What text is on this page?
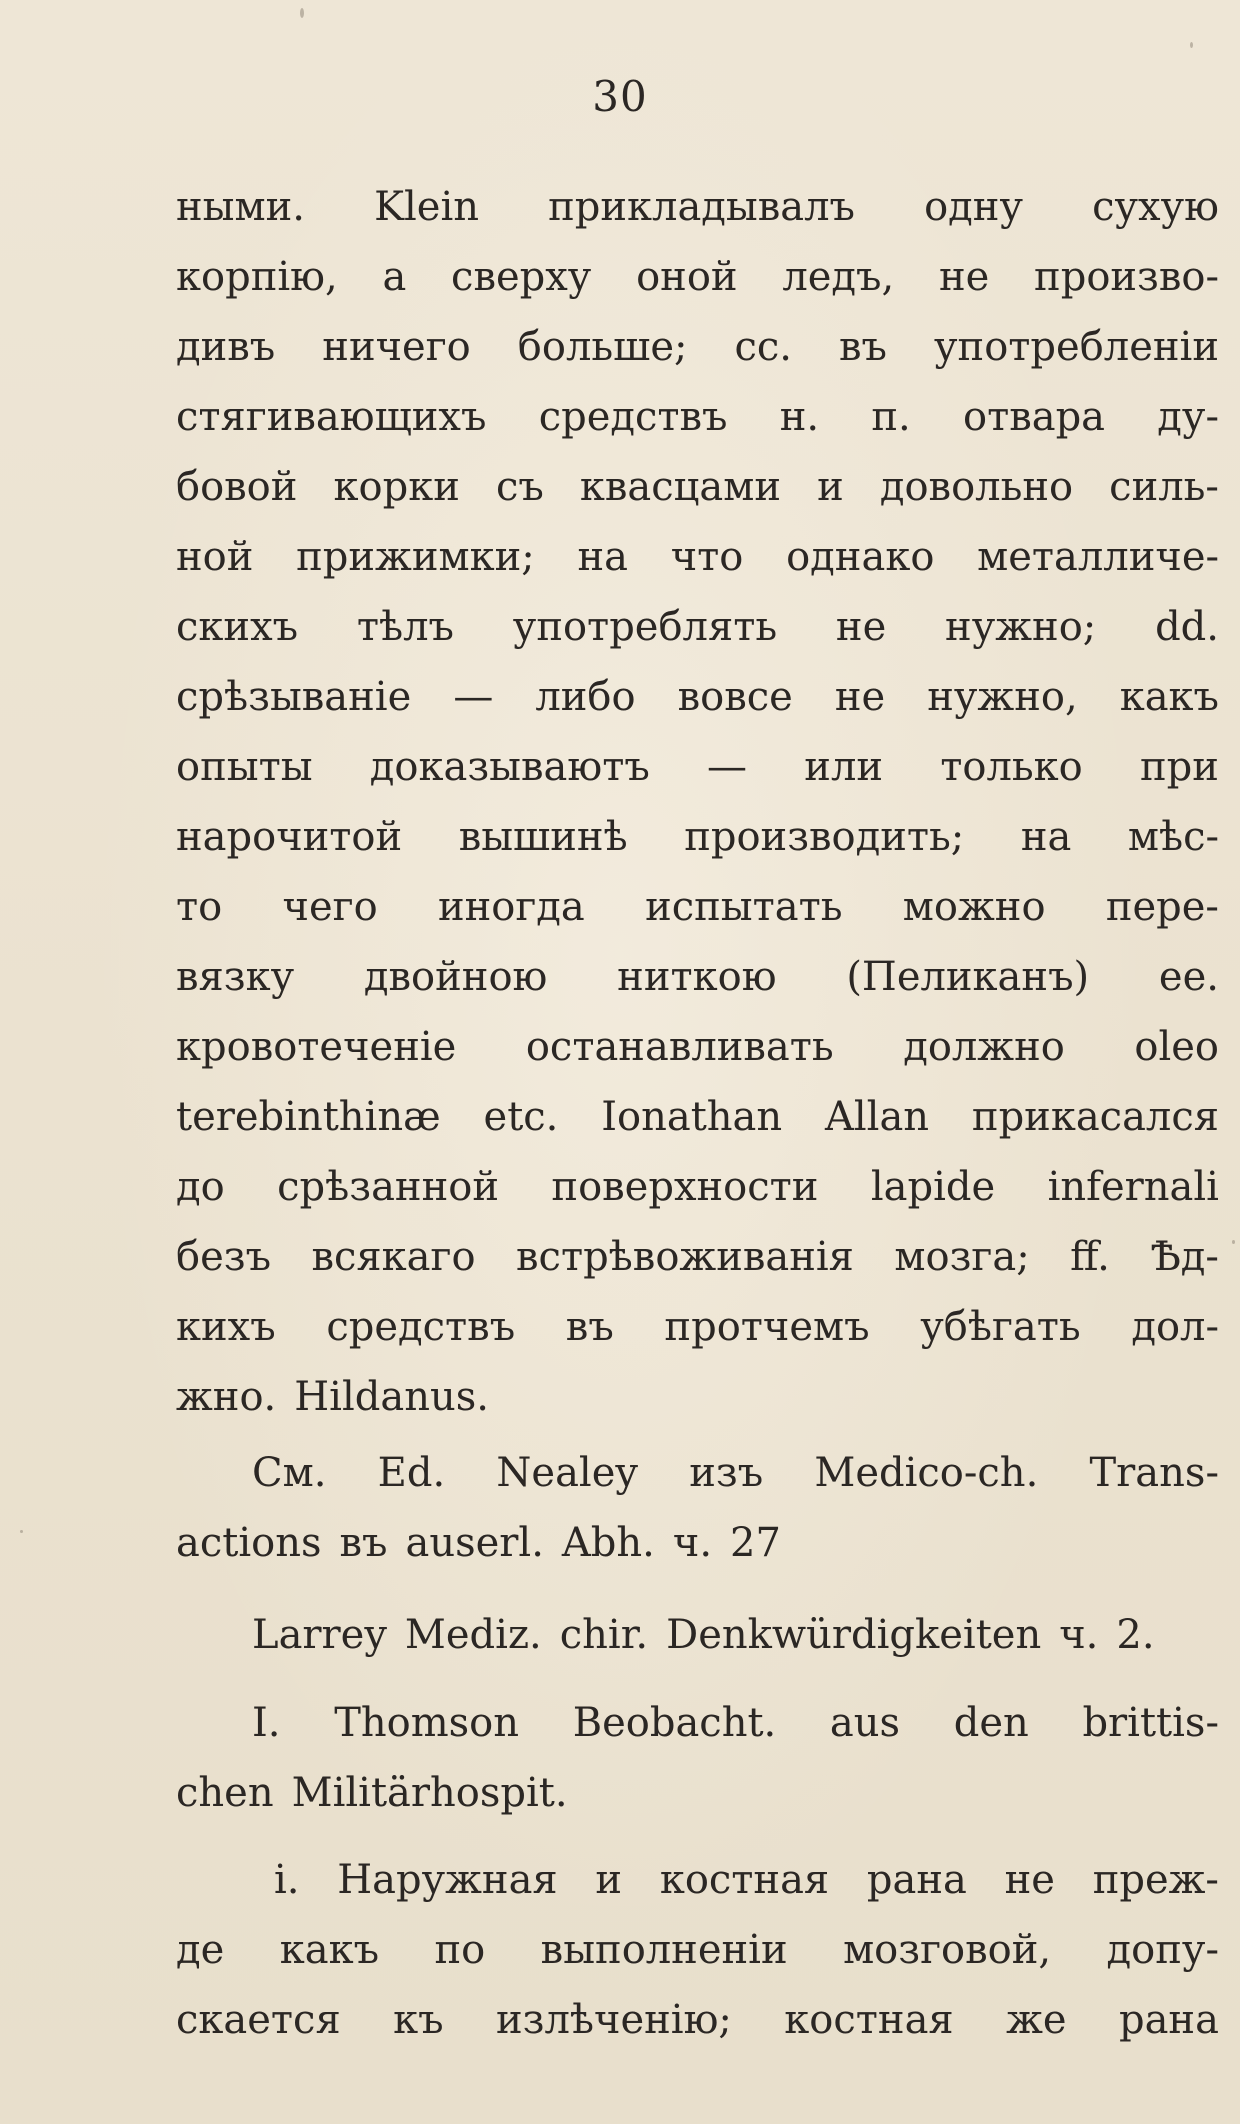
30
ными. Klein прикладывалъ одну сухую
корпію, а сверху оной ледъ, не произво-
дивъ ничего больше; сс. въ употребленіи
стягивающихъ средствъ н. п. отвара ду-
бовой корки съ квасцами и довольно силь-
ной прижимки; на что однако металличе-
скихъ тѣлъ употреблять не нужно; dd.
срѣзываніе — либо вовсе не нужно, какъ
опыты доказываютъ — или только при
нарочитой вышинѣ производить; на мѣс-
то чего иногда испытать можно пере-
вязку двойною ниткою (Пеликанъ) ее.
кровотеченіе останавливать должно oleo
terebinthinæ etc. Ionathan Allan прикасался
до срѣзанной поверхности lapide infernali
безъ всякаго встрѣвоживанія мозга; ff. Ѣд-
кихъ средствъ въ протчемъ убѣгать дол-
жно. Hildanus.
См. Ed. Nealey изъ Medico-ch. Trans-
actions въ auserl. Abh. ч. 27
Larrey Mediz. chir. Denkwürdigkeiten ч. 2.
I. Thomson Beobacht. aus den brittis-
chen Militärhospit.
i. Наружная и костная рана не преж-
де какъ по выполненіи мозговой, допу-
скается къ излѣченію; костная же рана
